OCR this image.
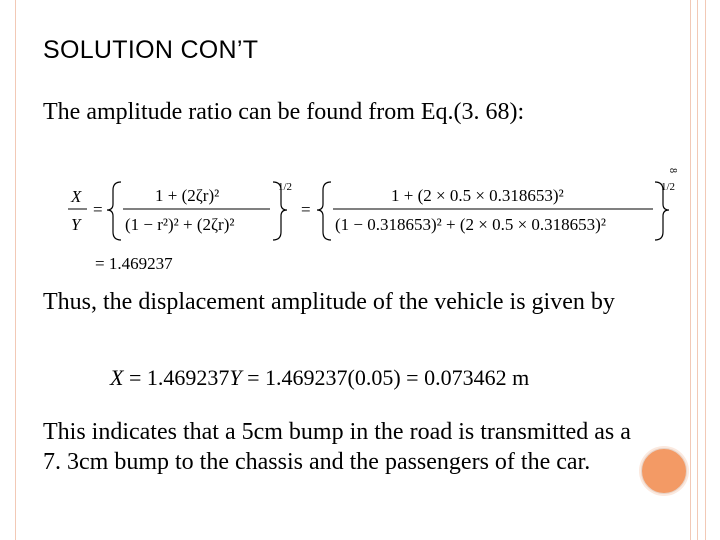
SOLUTION CON’T

The amplitude ratio can be found from Eq.(3. 68):

8
X
Y
=
1 + (2ζr)²
(1 − r²)² + (2ζr)²
1/2
=
1 + (2 × 0.5 × 0.318653)²
(1 − 0.318653)² + (2 × 0.5 × 0.318653)²
1/2
= 1.469237

Thus, the displacement amplitude of the vehicle is given by

X = 1.469237Y = 1.469237(0.05) = 0.073462 m

This indicates that a 5cm bump in the road is transmitted as a 7. 3cm bump to the chassis and the passengers of the car.
